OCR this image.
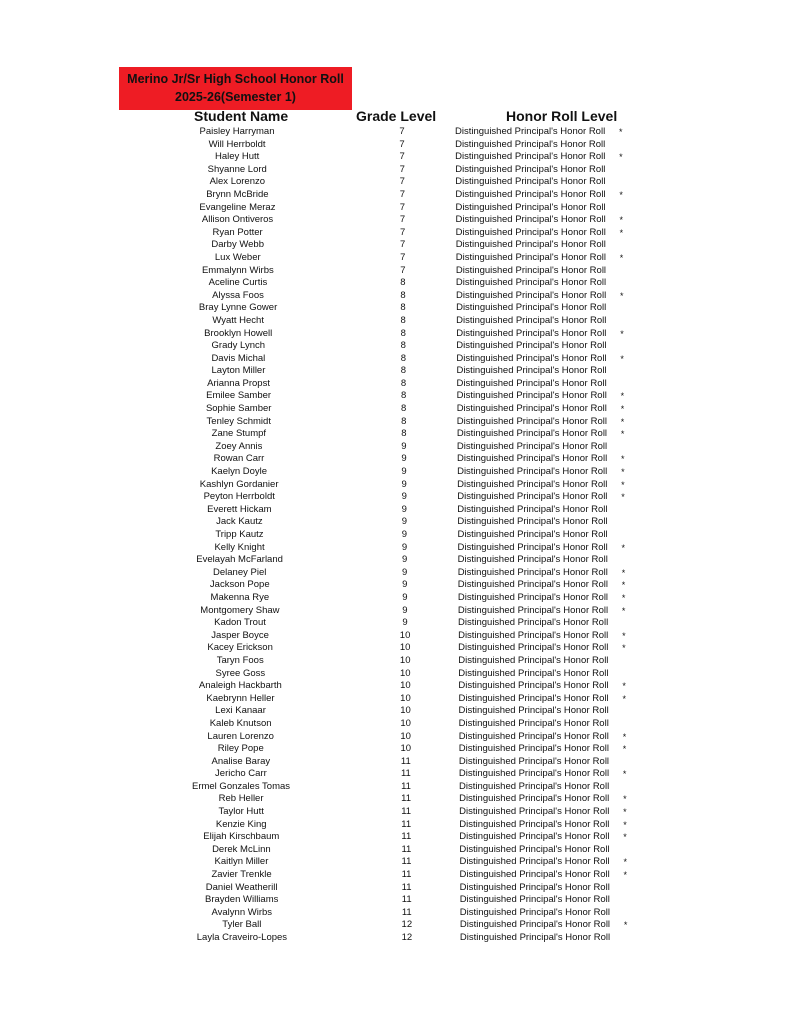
Merino Jr/Sr High School Honor Roll
2025-26(Semester 1)
Student Name	Grade Level	Honor Roll Level
Paisley Harryman	7	Distinguished Principal's Honor Roll *
Will Herrboldt	7	Distinguished Principal's Honor Roll
Haley Hutt	7	Distinguished Principal's Honor Roll *
Shyanne Lord	7	Distinguished Principal's Honor Roll
Alex Lorenzo	7	Distinguished Principal's Honor Roll
Brynn McBride	7	Distinguished Principal's Honor Roll *
Evangeline Meraz	7	Distinguished Principal's Honor Roll
Allison Ontiveros	7	Distinguished Principal's Honor Roll *
Ryan Potter	7	Distinguished Principal's Honor Roll *
Darby Webb	7	Distinguished Principal's Honor Roll
Lux Weber	7	Distinguished Principal's Honor Roll *
Emmalynn Wirbs	7	Distinguished Principal's Honor Roll
Aceline Curtis	8	Distinguished Principal's Honor Roll
Alyssa Foos	8	Distinguished Principal's Honor Roll *
Bray Lynne Gower	8	Distinguished Principal's Honor Roll
Wyatt Hecht	8	Distinguished Principal's Honor Roll
Brooklyn Howell	8	Distinguished Principal's Honor Roll *
Grady Lynch	8	Distinguished Principal's Honor Roll
Davis Michal	8	Distinguished Principal's Honor Roll *
Layton Miller	8	Distinguished Principal's Honor Roll
Arianna Propst	8	Distinguished Principal's Honor Roll
Emilee Samber	8	Distinguished Principal's Honor Roll *
Sophie Samber	8	Distinguished Principal's Honor Roll *
Tenley Schmidt	8	Distinguished Principal's Honor Roll *
Zane Stumpf	8	Distinguished Principal's Honor Roll *
Zoey Annis	9	Distinguished Principal's Honor Roll
Rowan Carr	9	Distinguished Principal's Honor Roll *
Kaelyn Doyle	9	Distinguished Principal's Honor Roll *
Kashlyn Gordanier	9	Distinguished Principal's Honor Roll *
Peyton Herrboldt	9	Distinguished Principal's Honor Roll *
Everett Hickam	9	Distinguished Principal's Honor Roll
Jack Kautz	9	Distinguished Principal's Honor Roll
Tripp Kautz	9	Distinguished Principal's Honor Roll
Kelly Knight	9	Distinguished Principal's Honor Roll *
Evelayah McFarland	9	Distinguished Principal's Honor Roll
Delaney Piel	9	Distinguished Principal's Honor Roll *
Jackson Pope	9	Distinguished Principal's Honor Roll *
Makenna Rye	9	Distinguished Principal's Honor Roll *
Montgomery Shaw	9	Distinguished Principal's Honor Roll *
Kadon Trout	9	Distinguished Principal's Honor Roll
Jasper Boyce	10	Distinguished Principal's Honor Roll *
Kacey Erickson	10	Distinguished Principal's Honor Roll *
Taryn Foos	10	Distinguished Principal's Honor Roll
Syree Goss	10	Distinguished Principal's Honor Roll
Analeigh Hackbarth	10	Distinguished Principal's Honor Roll *
Kaebrynn Heller	10	Distinguished Principal's Honor Roll *
Lexi Kanaar	10	Distinguished Principal's Honor Roll
Kaleb Knutson	10	Distinguished Principal's Honor Roll
Lauren Lorenzo	10	Distinguished Principal's Honor Roll *
Riley Pope	10	Distinguished Principal's Honor Roll *
Analise Baray	11	Distinguished Principal's Honor Roll
Jericho Carr	11	Distinguished Principal's Honor Roll *
Ermel Gonzales Tomas	11	Distinguished Principal's Honor Roll
Reb Heller	11	Distinguished Principal's Honor Roll *
Taylor Hutt	11	Distinguished Principal's Honor Roll *
Kenzie King	11	Distinguished Principal's Honor Roll *
Elijah Kirschbaum	11	Distinguished Principal's Honor Roll *
Derek McLinn	11	Distinguished Principal's Honor Roll
Kaitlyn Miller	11	Distinguished Principal's Honor Roll *
Zavier Trenkle	11	Distinguished Principal's Honor Roll *
Daniel Weatherill	11	Distinguished Principal's Honor Roll
Brayden Williams	11	Distinguished Principal's Honor Roll
Avalynn Wirbs	11	Distinguished Principal's Honor Roll
Tyler Ball	12	Distinguished Principal's Honor Roll *
Layla Craveiro-Lopes	12	Distinguished Principal's Honor Roll
